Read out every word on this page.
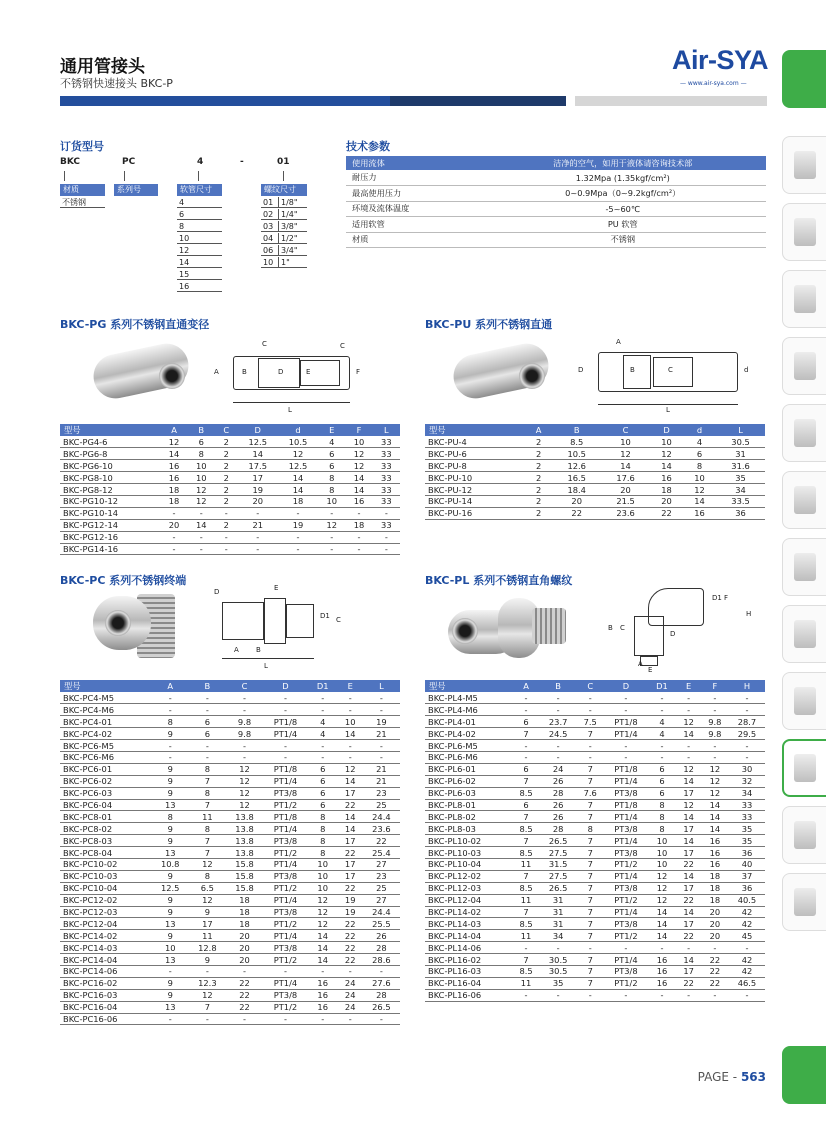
通用管接头
不锈钢快速接头 BKC-P
Air-SYA
— www.air-sya.com —
订货型号
BKC	PC	4	-	01
材质
不锈钢
系列号	软管尺寸
4
6
8
10
12
14
15
16
螺纹尺寸
01 1/8"
02 1/4"
03 3/8"
04 1/2"
06 3/4"
10 1"
技术参数
使用流体	洁净的空气，如用于液体请咨询技术部
耐压力	1.32Mpa (1.35kgf/cm²)
最高使用压力	0~0.9Mpa（0~9.2kgf/cm²）
环境及流体温度	-5~60℃
适用软管	PU 软管
材质	不锈钢
BKC-PG 系列不锈钢直通变径
C	C
A	B	D	E	F
L
型号	A	B	C	D	d	E	F	L
BKC-PG4-6	12	6	2	12.5	10.5	4	10	33
BKC-PG6-8	14	8	2	14	12	6	12	33
BKC-PG6-10	16	10	2	17.5	12.5	6	12	33
BKC-PG8-10	16	10	2	17	14	8	14	33
BKC-PG8-12	18	12	2	19	14	8	14	33
BKC-PG10-12	18	12	2	20	18	10	16	33
BKC-PG10-14	-	-	-	-	-	-	-	-
BKC-PG12-14	20	14	2	21	19	12	18	33
BKC-PG12-16	-	-	-	-	-	-	-	-
BKC-PG14-16	-	-	-	-	-	-	-	-
BKC-PU 系列不锈钢直通
A
D	B	C	d
L
型号	A	B	C	D	d	L
BKC-PU-4	2	8.5	10	10	4	30.5
BKC-PU-6	2	10.5	12	12	6	31
BKC-PU-8	2	12.6	14	14	8	31.6
BKC-PU-10	2	16.5	17.6	16	10	35
BKC-PU-12	2	18.4	20	18	12	34
BKC-PU-14	2	20	21.5	20	14	33.5
BKC-PU-16	2	22	23.6	22	16	36
BKC-PC 系列不锈钢终端
D	E
D1 C
A B
L
型号	A	B	C	D	D1	E	L
BKC-PC4-M5	-	-	-	-	-	-	-
BKC-PC4-M6	-	-	-	-	-	-	-
BKC-PC4-01	8	6	9.8	PT1/8	4	10	19
BKC-PC4-02	9	6	9.8	PT1/4	4	14	21
BKC-PC6-M5	-	-	-	-	-	-	-
BKC-PC6-M6	-	-	-	-	-	-	-
BKC-PC6-01	9	8	12	PT1/8	6	12	21
BKC-PC6-02	9	7	12	PT1/4	6	14	21
BKC-PC6-03	9	8	12	PT3/8	6	17	23
BKC-PC6-04	13	7	12	PT1/2	6	22	25
BKC-PC8-01	8	11	13.8	PT1/8	8	14	24.4
BKC-PC8-02	9	8	13.8	PT1/4	8	14	23.6
BKC-PC8-03	9	7	13.8	PT3/8	8	17	22
BKC-PC8-04	13	7	13.8	PT1/2	8	22	25.4
BKC-PC10-02	10.8	12	15.8	PT1/4	10	17	27
BKC-PC10-03	9	8	15.8	PT3/8	10	17	23
BKC-PC10-04	12.5	6.5	15.8	PT1/2	10	22	25
BKC-PC12-02	9	12	18	PT1/4	12	19	27
BKC-PC12-03	9	9	18	PT3/8	12	19	24.4
BKC-PC12-04	13	17	18	PT1/2	12	22	25.5
BKC-PC14-02	9	11	20	PT1/4	14	22	26
BKC-PC14-03	10	12.8	20	PT3/8	14	22	28
BKC-PC14-04	13	9	20	PT1/2	14	22	28.6
BKC-PC14-06	-	-	-	-	-	-	-
BKC-PC16-02	9	12.3	22	PT1/4	16	24	27.6
BKC-PC16-03	9	12	22	PT3/8	16	24	28
BKC-PC16-04	13	7	22	PT1/2	16	24	26.5
BKC-PC16-06	-	-	-	-	-	-	-
BKC-PL 系列不锈钢直角螺纹
D1 F
H
B C
D
A
E
型号	A	B	C	D	D1	E	F	H
BKC-PL4-M5	-	-	-	-	-	-	-	-
BKC-PL4-M6	-	-	-	-	-	-	-	-
BKC-PL4-01	6	23.7	7.5	PT1/8	4	12	9.8	28.7
BKC-PL4-02	7	24.5	7	PT1/4	4	14	9.8	29.5
BKC-PL6-M5	-	-	-	-	-	-	-	-
BKC-PL6-M6	-	-	-	-	-	-	-	-
BKC-PL6-01	6	24	7	PT1/8	6	12	12	30
BKC-PL6-02	7	26	7	PT1/4	6	14	12	32
BKC-PL6-03	8.5	28	7.6	PT3/8	6	17	12	34
BKC-PL8-01	6	26	7	PT1/8	8	12	14	33
BKC-PL8-02	7	26	7	PT1/4	8	14	14	33
BKC-PL8-03	8.5	28	8	PT3/8	8	17	14	35
BKC-PL10-02	7	26.5	7	PT1/4	10	14	16	35
BKC-PL10-03	8.5	27.5	7	PT3/8	10	17	16	36
BKC-PL10-04	11	31.5	7	PT1/2	10	22	16	40
BKC-PL12-02	7	27.5	7	PT1/4	12	14	18	37
BKC-PL12-03	8.5	26.5	7	PT3/8	12	17	18	36
BKC-PL12-04	11	31	7	PT1/2	12	22	18	40.5
BKC-PL14-02	7	31	7	PT1/4	14	14	20	42
BKC-PL14-03	8.5	31	7	PT3/8	14	17	20	42
BKC-PL14-04	11	34	7	PT1/2	14	22	20	45
BKC-PL14-06	-	-	-	-	-	-	-	-
BKC-PL16-02	7	30.5	7	PT1/4	16	14	22	42
BKC-PL16-03	8.5	30.5	7	PT3/8	16	17	22	42
BKC-PL16-04	11	35	7	PT1/2	16	22	22	46.5
BKC-PL16-06	-	-	-	-	-	-	-	-
PAGE - 563
